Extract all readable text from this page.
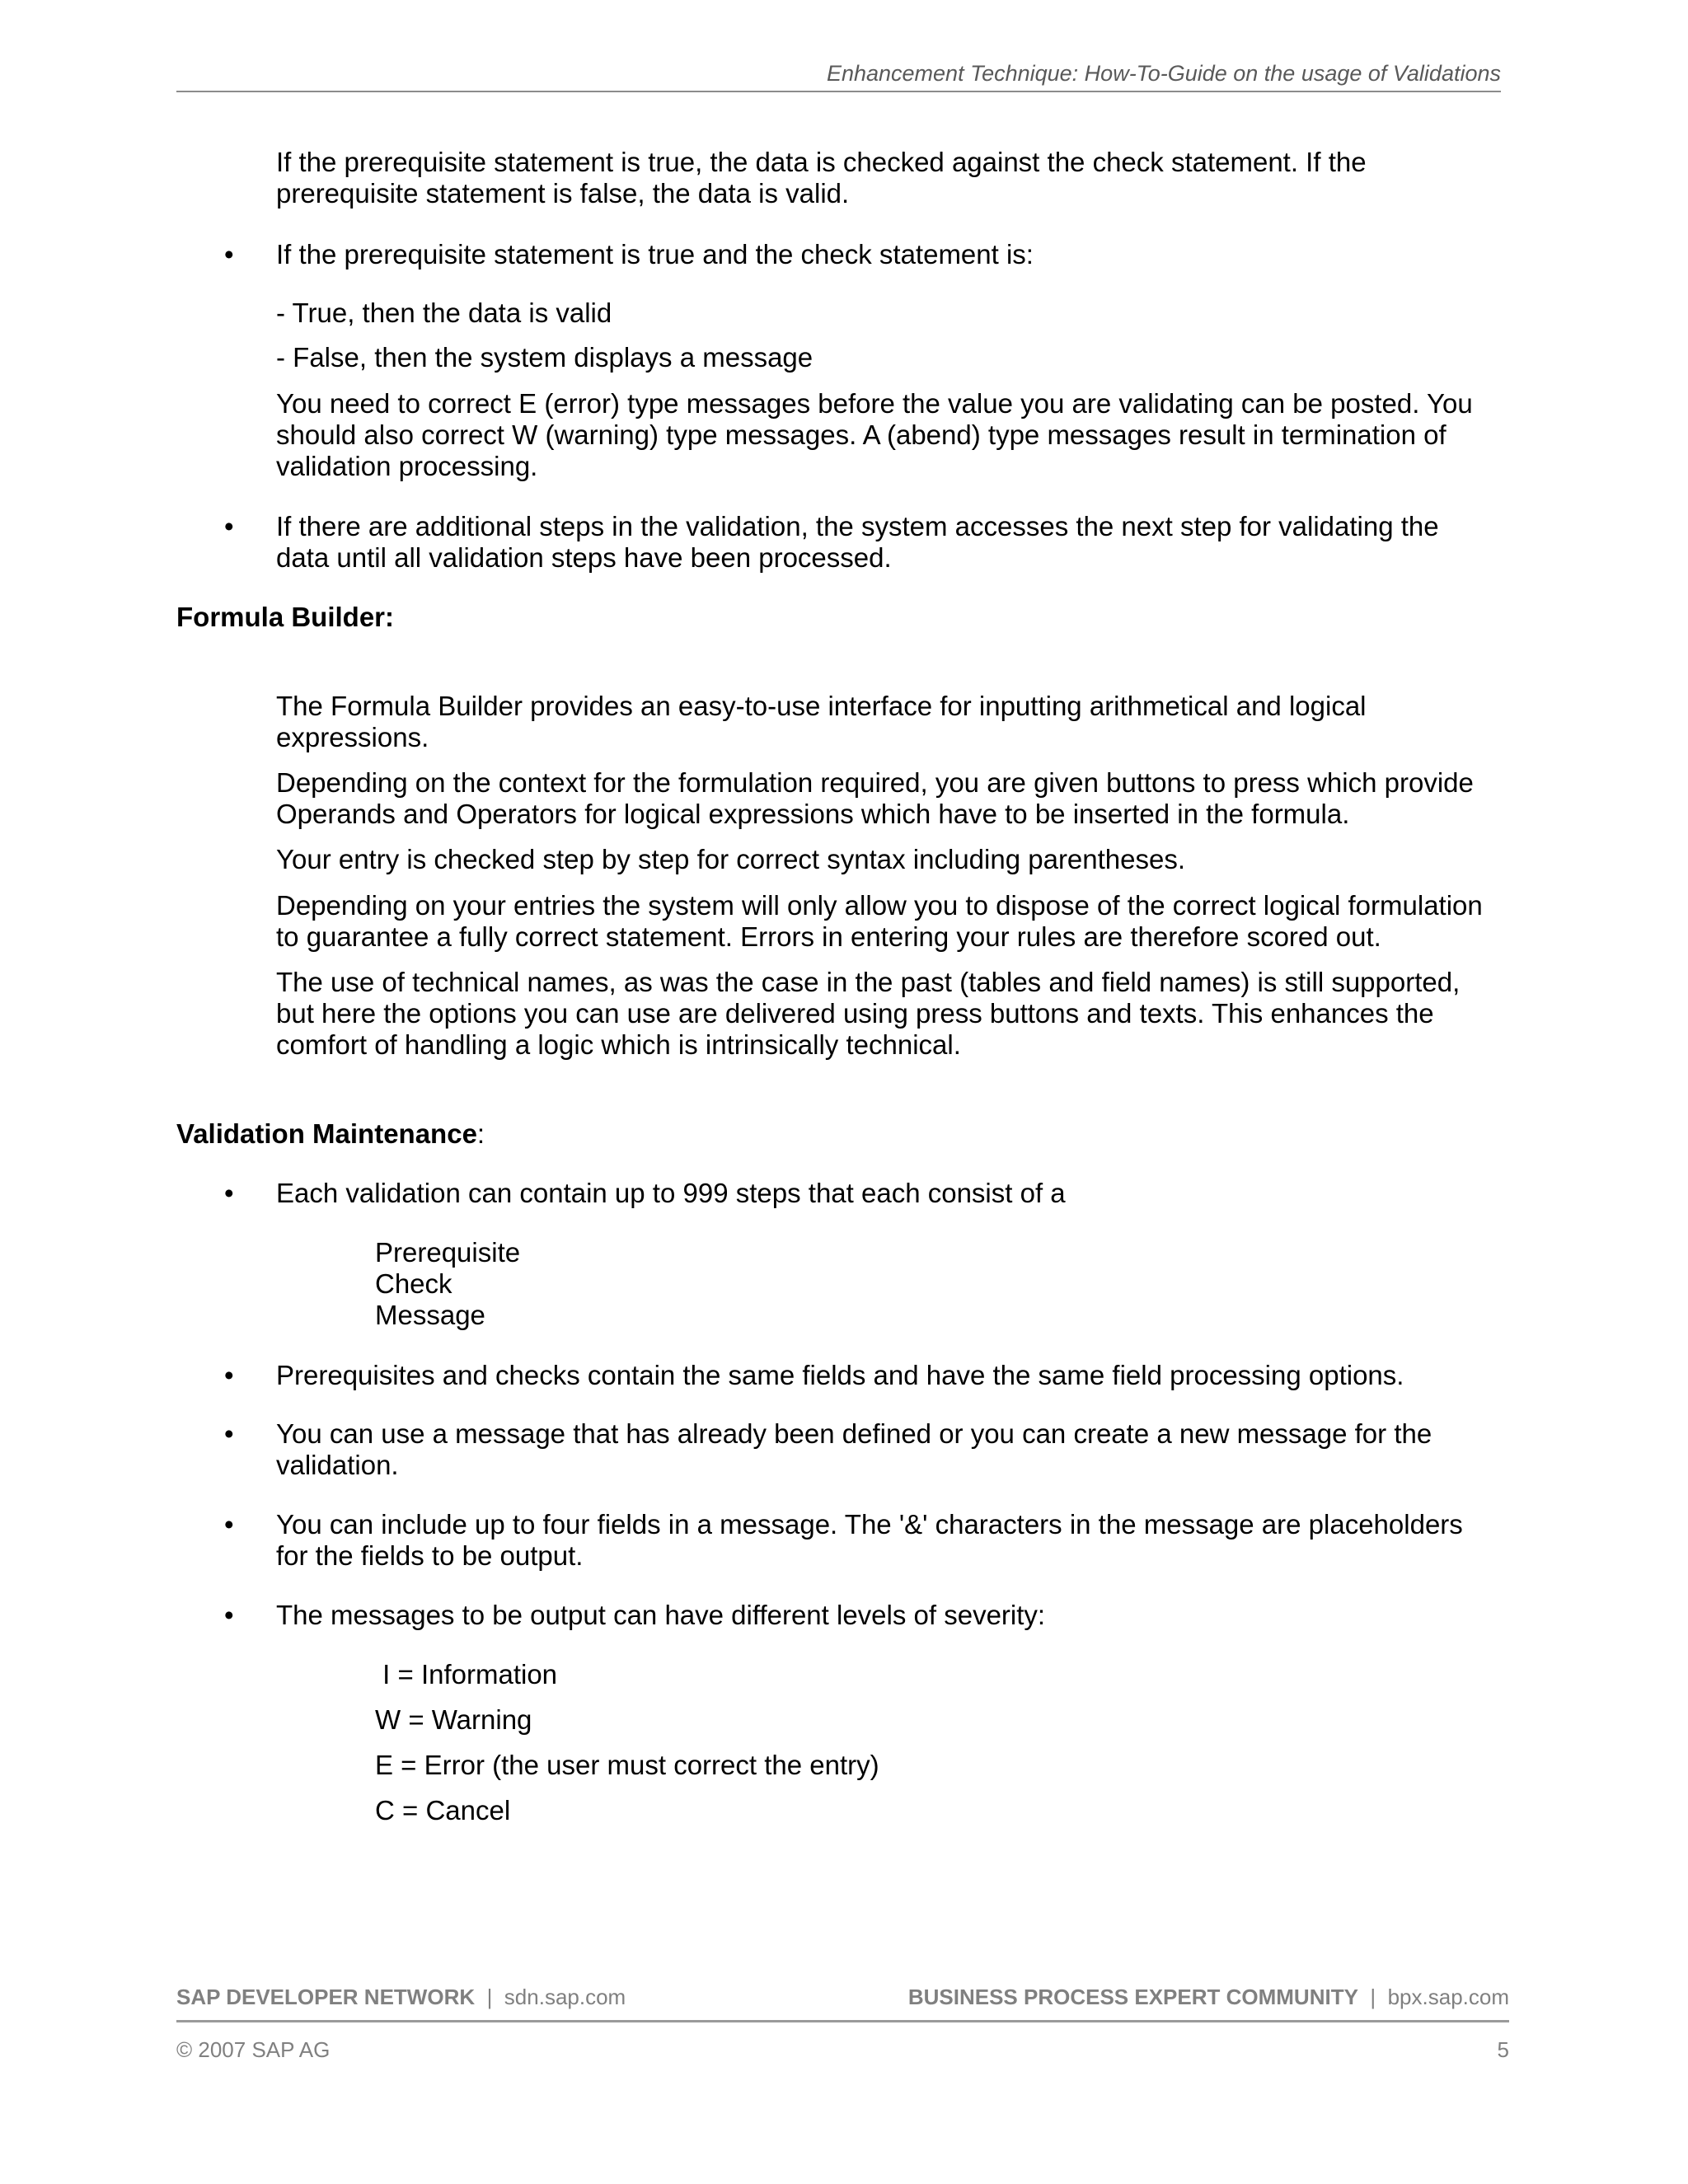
Enhancement Technique: How-To-Guide on the usage of Validations
If the prerequisite statement is true, the data is checked against the check statement. If the
prerequisite statement is false, the data is valid.
• If the prerequisite statement is true and the check statement is:
- True, then the data is valid
- False, then the system displays a message
You need to correct E (error) type messages before the value you are validating can be posted. You
should also correct W (warning) type messages. A (abend) type messages result in termination of
validation processing.
• If there are additional steps in the validation, the system accesses the next step for validating the
data until all validation steps have been processed.
Formula Builder:
The Formula Builder provides an easy-to-use interface for inputting arithmetical and logical
expressions.
Depending on the context for the formulation required, you are given buttons to press which provide
Operands and Operators for logical expressions which have to be inserted in the formula.
Your entry is checked step by step for correct syntax including parentheses.
Depending on your entries the system will only allow you to dispose of the correct logical formulation
to guarantee a fully correct statement. Errors in entering your rules are therefore scored out.
The use of technical names, as was the case in the past (tables and field names) is still supported,
but here the options you can use are delivered using press buttons and texts. This enhances the
comfort of handling a logic which is intrinsically technical.
Validation Maintenance:
• Each validation can contain up to 999 steps that each consist of a
Prerequisite
Check
Message
• Prerequisites and checks contain the same fields and have the same field processing options.
• You can use a message that has already been defined or you can create a new message for the
validation.
• You can include up to four fields in a message. The '&' characters in the message are placeholders
for the fields to be output.
• The messages to be output can have different levels of severity:
I = Information
W = Warning
E = Error (the user must correct the entry)
C = Cancel
SAP DEVELOPER NETWORK | sdn.sap.com	BUSINESS PROCESS EXPERT COMMUNITY | bpx.sap.com
© 2007 SAP AG	5
